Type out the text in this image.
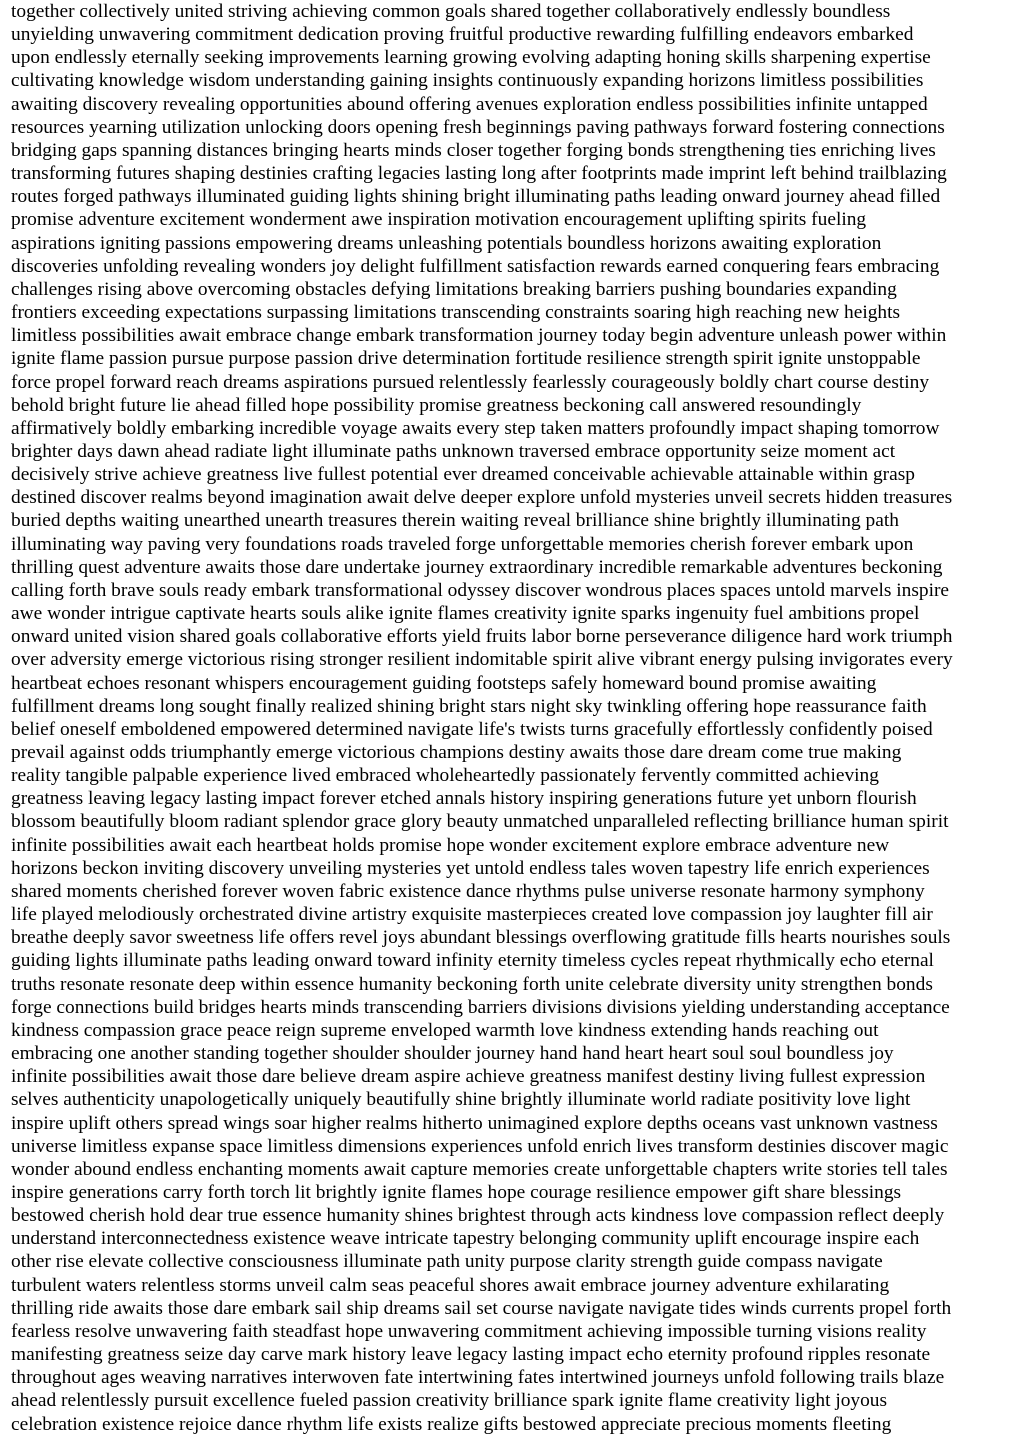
together collectively united striving achieving common goals shared together collaboratively endlessly boundless
unyielding unwavering commitment dedication proving fruitful productive rewarding fulfilling endeavors embarked
upon endlessly eternally seeking improvements learning growing evolving adapting honing skills sharpening expertise
cultivating knowledge wisdom understanding gaining insights continuously expanding horizons limitless possibilities
awaiting discovery revealing opportunities abound offering avenues exploration endless possibilities infinite untapped
resources yearning utilization unlocking doors opening fresh beginnings paving pathways forward fostering connections
bridging gaps spanning distances bringing hearts minds closer together forging bonds strengthening ties enriching lives
transforming futures shaping destinies crafting legacies lasting long after footprints made imprint left behind trailblazing
routes forged pathways illuminated guiding lights shining bright illuminating paths leading onward journey ahead filled
promise adventure excitement wonderment awe inspiration motivation encouragement uplifting spirits fueling
aspirations igniting passions empowering dreams unleashing potentials boundless horizons awaiting exploration
discoveries unfolding revealing wonders joy delight fulfillment satisfaction rewards earned conquering fears embracing
challenges rising above overcoming obstacles defying limitations breaking barriers pushing boundaries expanding
frontiers exceeding expectations surpassing limitations transcending constraints soaring high reaching new heights
limitless possibilities await embrace change embark transformation journey today begin adventure unleash power within
ignite flame passion pursue purpose passion drive determination fortitude resilience strength spirit ignite unstoppable
force propel forward reach dreams aspirations pursued relentlessly fearlessly courageously boldly chart course destiny
behold bright future lie ahead filled hope possibility promise greatness beckoning call answered resoundingly
affirmatively boldly embarking incredible voyage awaits every step taken matters profoundly impact shaping tomorrow
brighter days dawn ahead radiate light illuminate paths unknown traversed embrace opportunity seize moment act
decisively strive achieve greatness live fullest potential ever dreamed conceivable achievable attainable within grasp
destined discover realms beyond imagination await delve deeper explore unfold mysteries unveil secrets hidden treasures
buried depths waiting unearthed unearth treasures therein waiting reveal brilliance shine brightly illuminating path
illuminating way paving very foundations roads traveled forge unforgettable memories cherish forever embark upon
thrilling quest adventure awaits those dare undertake journey extraordinary incredible remarkable adventures beckoning
calling forth brave souls ready embark transformational odyssey discover wondrous places spaces untold marvels inspire
awe wonder intrigue captivate hearts souls alike ignite flames creativity ignite sparks ingenuity fuel ambitions propel
onward united vision shared goals collaborative efforts yield fruits labor borne perseverance diligence hard work triumph
over adversity emerge victorious rising stronger resilient indomitable spirit alive vibrant energy pulsing invigorates every
heartbeat echoes resonant whispers encouragement guiding footsteps safely homeward bound promise awaiting
fulfillment dreams long sought finally realized shining bright stars night sky twinkling offering hope reassurance faith
belief oneself emboldened empowered determined navigate life's twists turns gracefully effortlessly confidently poised
prevail against odds triumphantly emerge victorious champions destiny awaits those dare dream come true making
reality tangible palpable experience lived embraced wholeheartedly passionately fervently committed achieving
greatness leaving legacy lasting impact forever etched annals history inspiring generations future yet unborn flourish
blossom beautifully bloom radiant splendor grace glory beauty unmatched unparalleled reflecting brilliance human spirit
infinite possibilities await each heartbeat holds promise hope wonder excitement explore embrace adventure new
horizons beckon inviting discovery unveiling mysteries yet untold endless tales woven tapestry life enrich experiences
shared moments cherished forever woven fabric existence dance rhythms pulse universe resonate harmony symphony
life played melodiously orchestrated divine artistry exquisite masterpieces created love compassion joy laughter fill air
breathe deeply savor sweetness life offers revel joys abundant blessings overflowing gratitude fills hearts nourishes souls
guiding lights illuminate paths leading onward toward infinity eternity timeless cycles repeat rhythmically echo eternal
truths resonate resonate deep within essence humanity beckoning forth unite celebrate diversity unity strengthen bonds
forge connections build bridges hearts minds transcending barriers divisions divisions yielding understanding acceptance
kindness compassion grace peace reign supreme enveloped warmth love kindness extending hands reaching out
embracing one another standing together shoulder shoulder journey hand hand heart heart soul soul boundless joy
infinite possibilities await those dare believe dream aspire achieve greatness manifest destiny living fullest expression
selves authenticity unapologetically uniquely beautifully shine brightly illuminate world radiate positivity love light
inspire uplift others spread wings soar higher realms hitherto unimagined explore depths oceans vast unknown vastness
universe limitless expanse space limitless dimensions experiences unfold enrich lives transform destinies discover magic
wonder abound endless enchanting moments await capture memories create unforgettable chapters write stories tell tales
inspire generations carry forth torch lit brightly ignite flames hope courage resilience empower gift share blessings
bestowed cherish hold dear true essence humanity shines brightest through acts kindness love compassion reflect deeply
understand interconnectedness existence weave intricate tapestry belonging community uplift encourage inspire each
other rise elevate collective consciousness illuminate path unity purpose clarity strength guide compass navigate
turbulent waters relentless storms unveil calm seas peaceful shores await embrace journey adventure exhilarating
thrilling ride awaits those dare embark sail ship dreams sail set course navigate navigate tides winds currents propel forth
fearless resolve unwavering faith steadfast hope unwavering commitment achieving impossible turning visions reality
manifesting greatness seize day carve mark history leave legacy lasting impact echo eternity profound ripples resonate
throughout ages weaving narratives interwoven fate intertwining fates intertwined journeys unfold following trails blaze
ahead relentlessly pursuit excellence fueled passion creativity brilliance spark ignite flame creativity light joyous
celebration existence rejoice dance rhythm life exists realize gifts bestowed appreciate precious moments fleeting
